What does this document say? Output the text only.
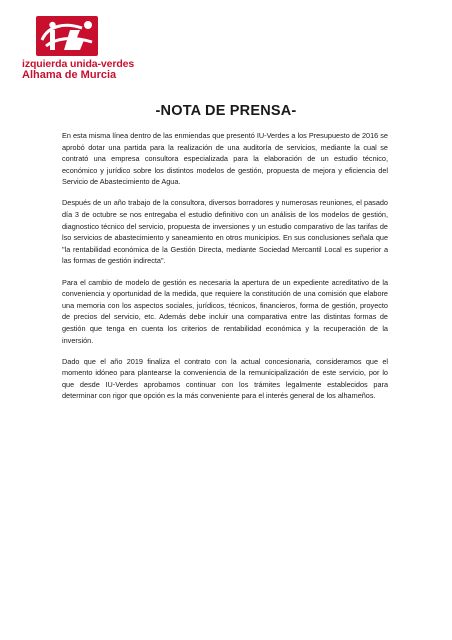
izquierda unida-verdes
Alhama de Murcia
-NOTA DE PRENSA-

En esta misma línea dentro de las enmiendas que presentó IU-Verdes a los Presupuesto de 2016 se aprobó dotar una partida para la realización de una auditoría de servicios, mediante la cual se contrató una empresa consultora especializada para la elaboración de un estudio técnico, económico y jurídico sobre los distintos modelos de gestión, propuesta de mejora y eficiencia del Servicio de Abastecimiento de Agua.

Después de un año trabajo de la consultora, diversos borradores y numerosas reuniones, el pasado día 3 de octubre se nos entregaba el estudio definitivo con un análisis de los modelos de gestión, diagnostico técnico del servicio, propuesta de inversiones y un estudio comparativo de las tarifas de lso servicios de abastecimiento y saneamiento en otros municipios. En sus conclusiones señala que "la rentabilidad económica de la Gestión Directa, mediante Sociedad Mercantil Local es superior a las formas de gestión indirecta".

Para el cambio de modelo de gestión es necesaria la apertura de un expediente acreditativo de la conveniencia y oportunidad de la medida, que requiere la constitución de una comisión que elabore una memoria con los aspectos sociales, jurídicos, técnicos, financieros, forma de gestión, proyecto de precios del servicio, etc. Además debe incluir una comparativa entre las distintas formas de gestión que tenga en cuenta los criterios de rentabilidad económica y la recuperación de la inversión.

Dado que el año 2019 finaliza el contrato con la actual concesionaria, consideramos que el momento idóneo para plantearse la conveniencia de la remunicipalización de este servicio, por lo que desde IU-Verdes aprobamos continuar con los trámites legalmente establecidos para determinar con rigor que opción es la más conveniente para el interés general de los alhameños.
